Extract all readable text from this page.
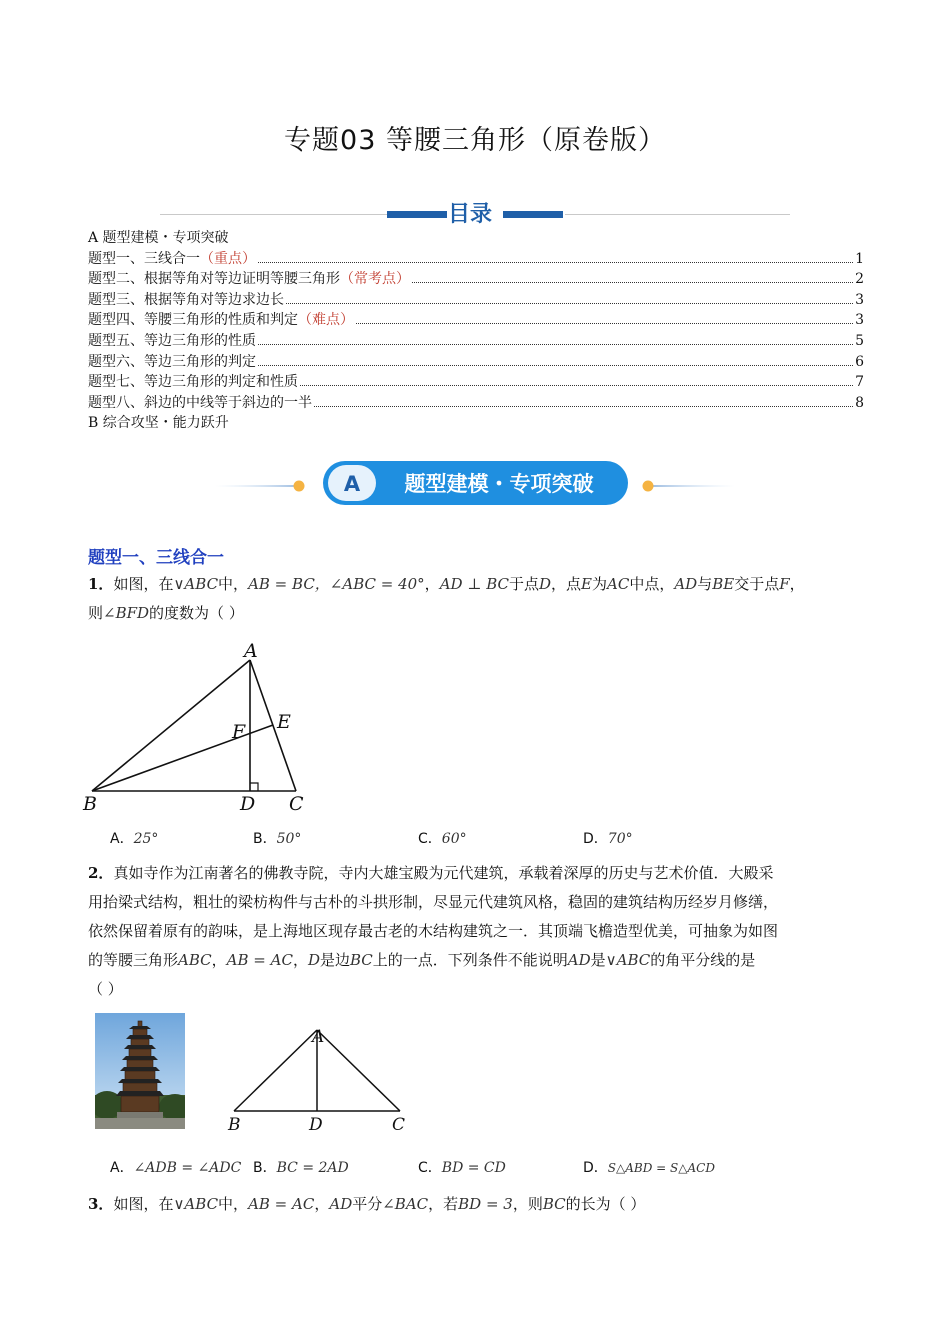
专题03 等腰三角形（原卷版）
目录
A 题型建模・专项突破
题型一、三线合一 （重点）	1
题型二、根据等角对等边证明等腰三角形 （常考点）	2
题型三、根据等角对等边求边长	3
题型四、等腰三角形的性质和判定 （难点）	3
题型五、等边三角形的性质	5
题型六、等边三角形的判定	6
题型七、等边三角形的判定和性质	7
题型八、斜边的中线等于斜边的一半	8
B 综合攻坚・能力跃升
A 题型建模・专项突破
题型一、三线合一
1．如图，在∨ABC中，AB = BC，∠ABC = 40°，AD ⊥ BC于点D，点E为AC中点，AD与BE交于点F，
则∠BFD的度数为（ ）
A
B	C
D
E
F
A．25°	B．50°	C．60°	D．70°
2．真如寺作为江南著名的佛教寺院，寺内大雄宝殿为元代建筑，承载着深厚的历史与艺术价值．大殿采
用抬梁式结构，粗壮的梁枋构件与古朴的斗拱形制，尽显元代建筑风格，稳固的建筑结构历经岁月修缮，
依然保留着原有的韵味，是上海地区现存最古老的木结构建筑之一．其顶端飞檐造型优美，可抽象为如图
的等腰三角形ABC，AB = AC，D是边BC上的一点．下列条件不能说明AD是∨ABC的角平分线的是
（ ）
A
B	C
D
A．∠ADB = ∠ADC B．BC = 2AD	C．BD = CD	D．S△ABD = S△ACD
3．如图，在∨ABC中，AB = AC，AD平分∠BAC，若BD = 3，则BC的长为（ ）
